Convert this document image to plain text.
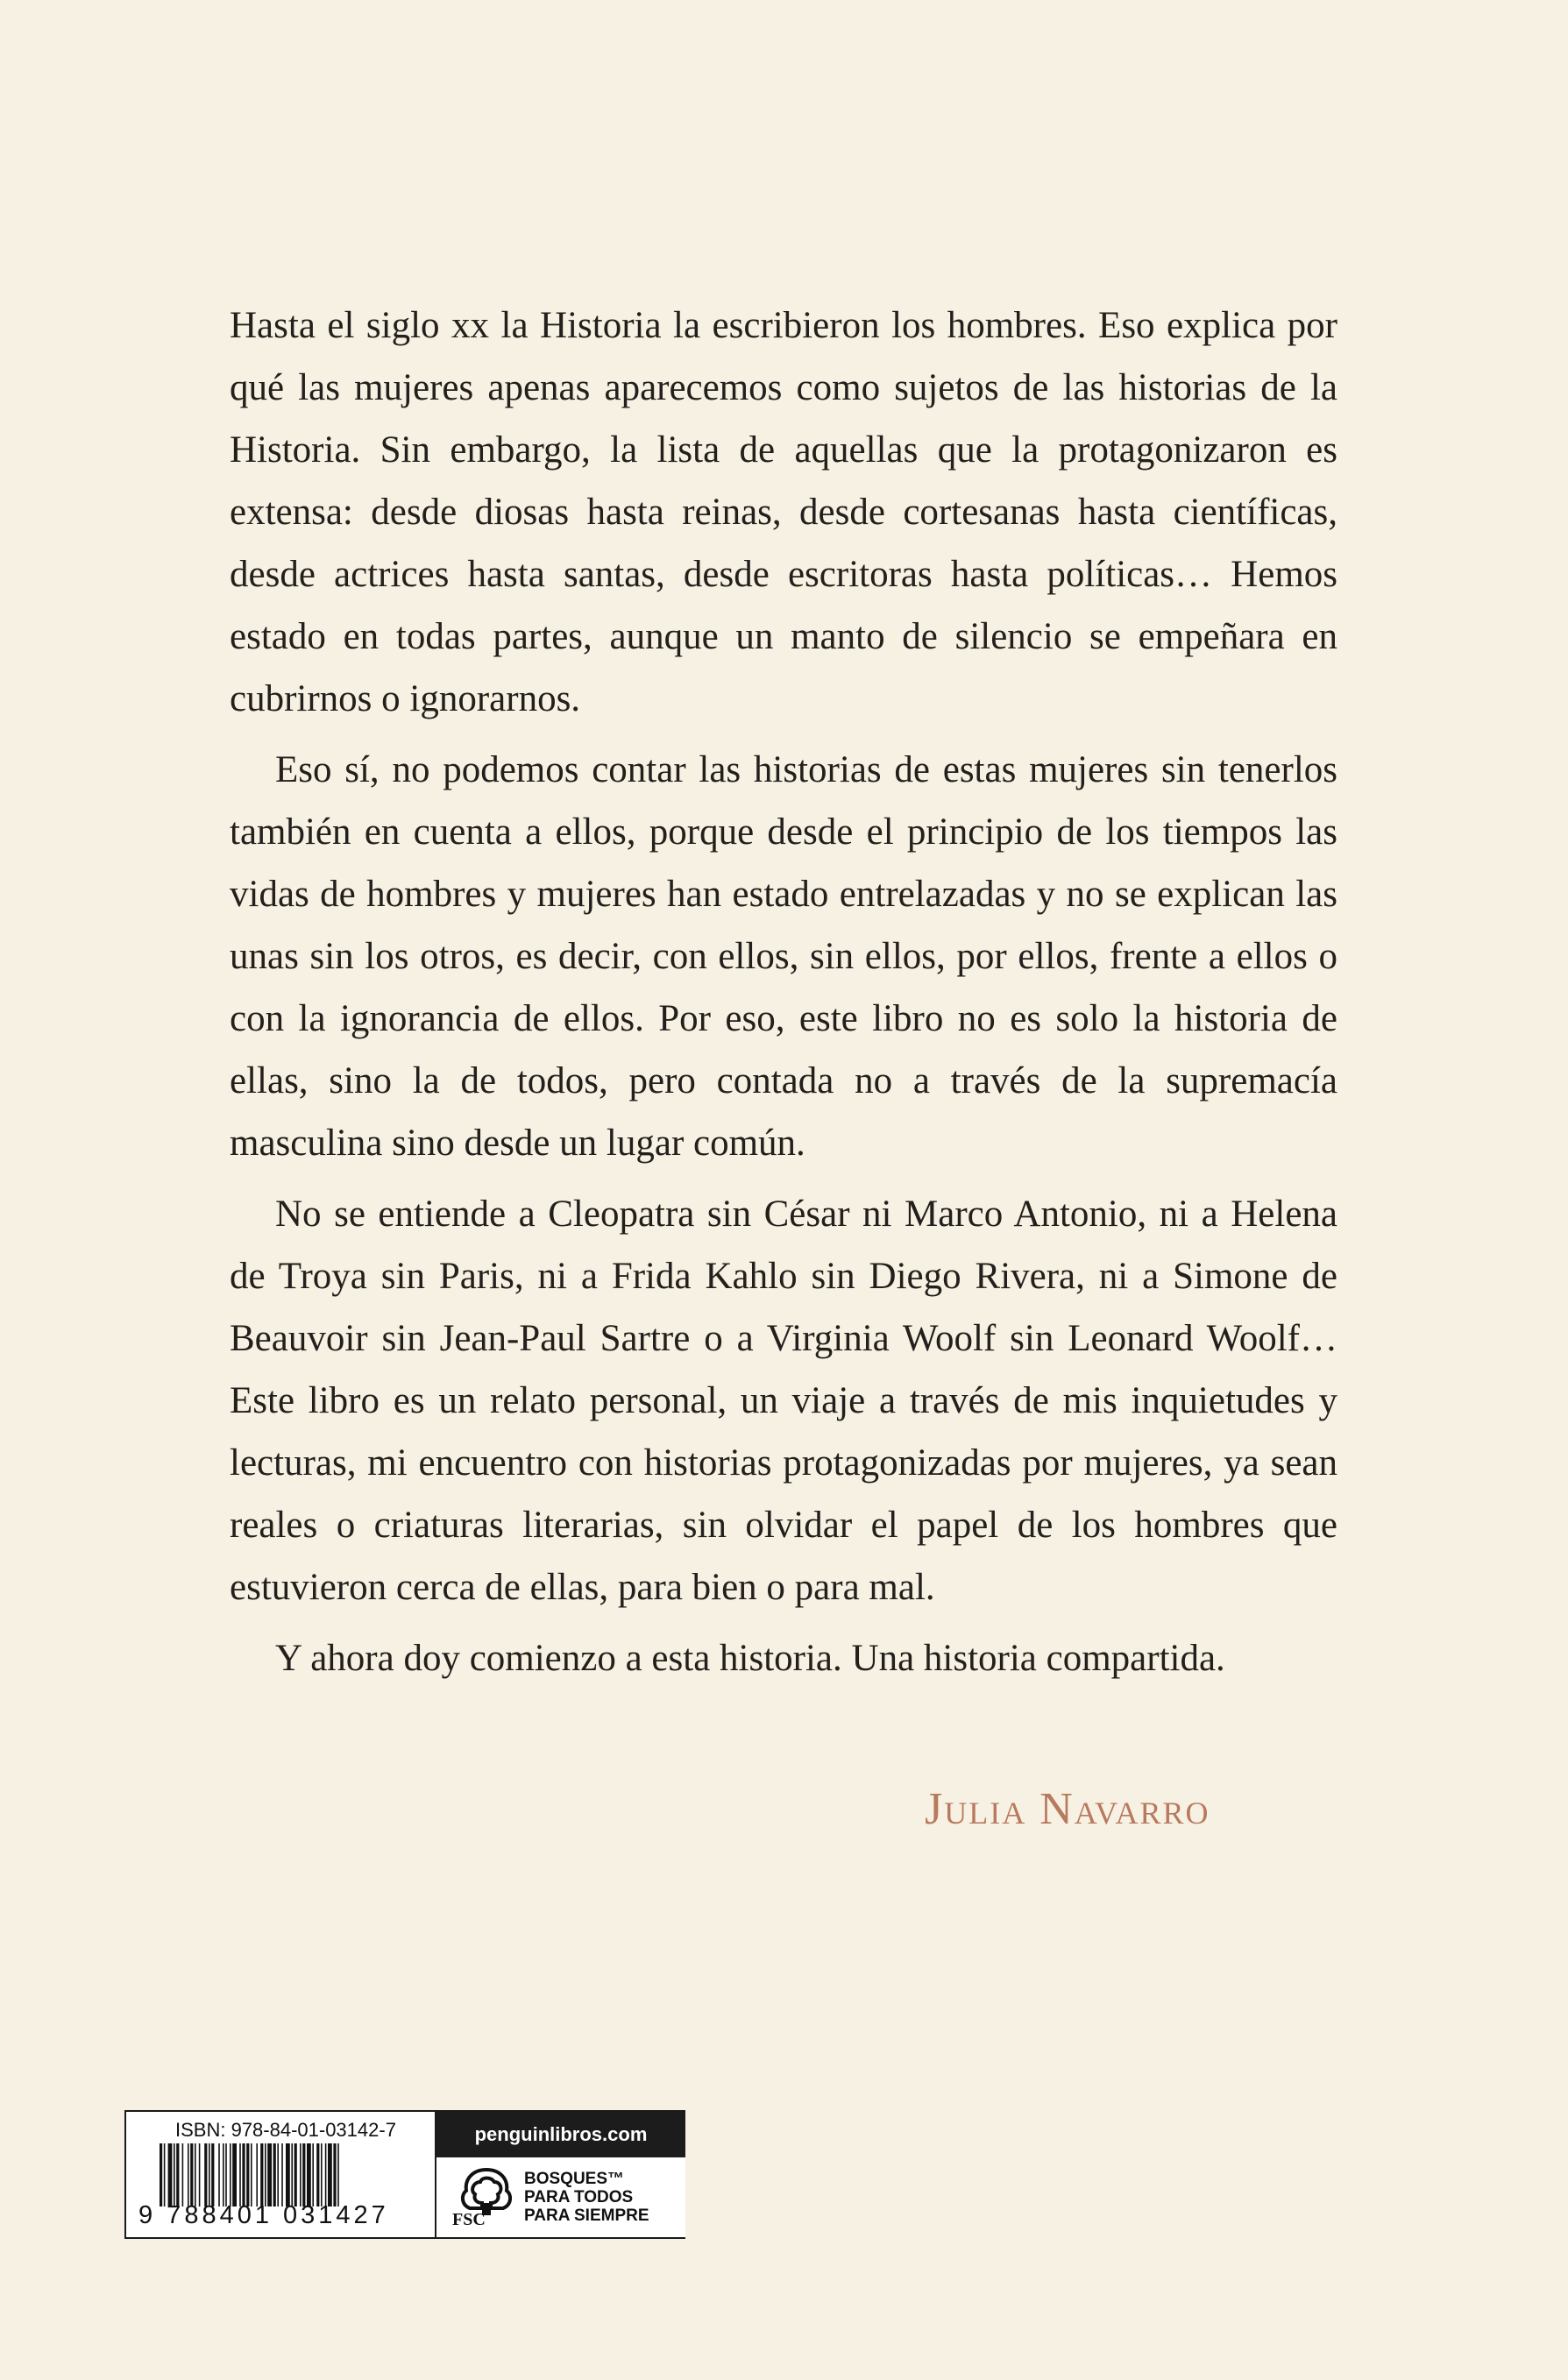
Hasta el siglo xx la Historia la escribieron los hombres. Eso explica por qué las mujeres apenas aparecemos como sujetos de las historias de la Historia. Sin embargo, la lista de aquellas que la protagonizaron es extensa: desde diosas hasta reinas, desde cortesanas hasta científicas, desde actrices hasta santas, desde escritoras hasta políticas… Hemos estado en todas partes, aunque un manto de silencio se empeñara en cubrirnos o ignorarnos.

Eso sí, no podemos contar las historias de estas mujeres sin tenerlos también en cuenta a ellos, porque desde el principio de los tiempos las vidas de hombres y mujeres han estado entrelazadas y no se explican las unas sin los otros, es decir, con ellos, sin ellos, por ellos, frente a ellos o con la ignorancia de ellos. Por eso, este libro no es solo la historia de ellas, sino la de todos, pero contada no a través de la supremacía masculina sino desde un lugar común.

No se entiende a Cleopatra sin César ni Marco Antonio, ni a Helena de Troya sin Paris, ni a Frida Kahlo sin Diego Rivera, ni a Simone de Beauvoir sin Jean-Paul Sartre o a Virginia Woolf sin Leonard Woolf… Este libro es un relato personal, un viaje a través de mis inquietudes y lecturas, mi encuentro con historias protagonizadas por mujeres, ya sean reales o criaturas literarias, sin olvidar el papel de los hombres que estuvieron cerca de ellas, para bien o para mal.

Y ahora doy comienzo a esta historia. Una historia compartida.

Julia Navarro
ISBN: 978-84-01-03142-7
9 788401 031427
penguinlibros.com
FSC
BOSQUES™
PARA TODOS
PARA SIEMPRE
